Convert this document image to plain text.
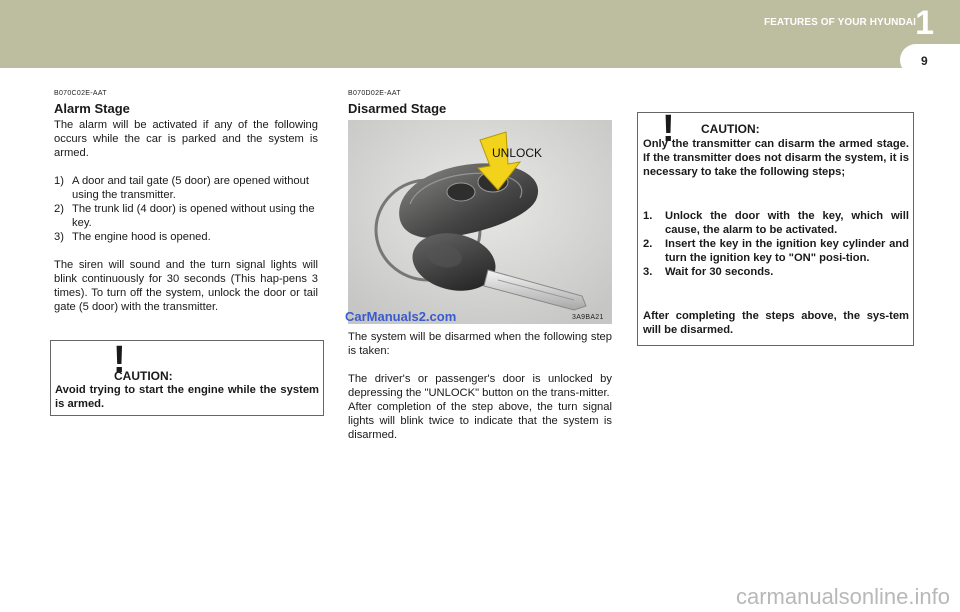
FEATURES OF YOUR HYUNDAI 1
9
B070C02E-AAT
Alarm Stage
The alarm will be activated if any of the following occurs while the car is parked and the system is armed.
1) A door and tail gate (5 door) are opened without using the transmitter.
2) The trunk lid (4 door) is opened without using the key.
3) The engine hood is opened.
The siren will sound and the turn signal lights will blink continuously for 30 seconds (This hap-pens 3 times). To turn off the system, unlock the door or tail gate (5 door) with the transmitter.
!
CAUTION:
Avoid trying to start the engine while the system is armed.
B070D02E-AAT
Disarmed Stage
UNLOCK
CarManuals2.com	3A9BA21
The system will be disarmed when the following step is taken:
The driver's or passenger's door is unlocked by depressing the "UNLOCK" button on the trans-mitter.
After completion of the step above, the turn signal lights will blink twice to indicate that the system is disarmed.
! CAUTION:
Only the transmitter can disarm the armed stage. If the transmitter does not disarm the system, it is necessary to take the following steps;
1.	Unlock the door with the key, which will cause, the alarm to be activated.
2.	Insert the key in the ignition key cylinder and turn the ignition key to "ON" posi-tion.
3.	Wait for 30 seconds.
After completing the steps above, the sys-tem will be disarmed.
carmanualsonline.info
